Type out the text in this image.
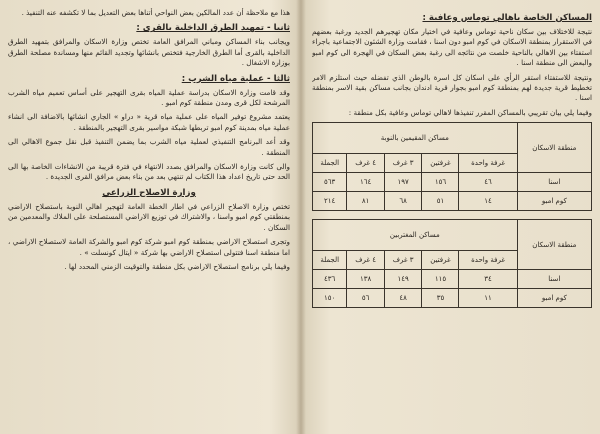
هذا مع ملاحظة أن عدد المالكين بعض النواحي أتناها بعض التعديل بما لا تكشفه عنه التنفيذ .

ثانيا - تمهيد الطرق الداخلية بالقرى :

ويجانب بناء المساكن ومباني المرافق العامة تختص وزارة الاسكان والمرافق بتمهيد الطرق الداخلية بالقرى أما الطرق الخارجية فتختص بانشائها وتجديد القائم منها ومساندة مصلحة الطرق بوزارة الاشغال .

ثالثا - عملية مياه الشرب :

وقد قامت وزارة الاسكان بدراسة عملية المياه بقرى التهجير على أساس تعميم مياه الشرب المرشحة لكل قرى ومدن منطقة كوم امبو .

يعتمد مشروع توفير المياه على عملية مياه قرية « دراو » الجاري انشائها بالاضافة الى انشاء عملية مياه بمدينة كوم امبو تربطها شبكة مواسير بقرى التهجير بالمنطقة .

وقد أعد البرنامج التنفيذي لعملية مياه الشرب بما يضمن التنفيذ قبل نقل جموع الاهالي الى المنطقة .

والى كانت وزارة الاسكان والمرافق بصدد الانتهاء في فترة قريبة من الانشاءات الخاصة بها الى الحد حتى تاريخ اعداد هذا الكتاب لم تنتهي بعد من بناء بعض مرافق القرى الجديدة .

وزارة الاصلاح الزراعي

تختص وزارة الاصلاح الزراعي في اطار الخطة العامة لتهجير اهالي النوبة باستصلاح الاراضي بمنطقتي كوم امبو واسنا ، والاشتراك في توزيع الاراضي المستصلحة على الملاك والمعدمين من السكان .

وتجرى استصلاح الاراضي بمنطقة كوم امبو شركة كوم امبو والشركة العامة لاستصلاح الاراضي ، اما منطقة اسنا فتتولى استصلاح الاراضي بها شركة « ايتال كونسلت » .

وفيما يلي برنامج استصلاح الاراضي بكل منطقة والتوقيت الزمني المحدد لها .

المساكن الخاصة باهالي توماس وعافية :

نتيجة للاختلاف بين سكان ناحية توماس وعافية في اختيار مكان تهجيرهم الجديد ورغبة بعضهم في الاستقرار بمنطقة الاسكان في كوم امبو دون اسنا ، فقامت وزارة الشئون الاجتماعية باجراء استفتاء بين الاهالي بالناحية خلصت من نتائجه الى رغبة بعض السكان في الهجرة الى كوم امبو والبعض الى منطقة اسنا .

ونتيجة للاستفتاء استقر الرأي على اسكان كل اسرة بالوطن الذي تفضله حيث استلزم الامر تخطيط قرية جديدة لهم بمنطقة كوم امبو بجوار قرية ادندان بجانب مساكن بقية الاسر بمنطقة اسنا .

وفيما يلي بيان تقريبي بالمساكن المقرر تنفيذها لاهالي توماس وعافية بكل منطقة :

منطقة الاسكان	مساكن المقيمين بالنوبة				
	غرفة واحدة	غرفتين	٣ غرف	٤ غرف	الجملة
اسنا	٤٦	١٥٦	١٩٧	١٦٤	٥٦٣
كوم امبو	١٤	٥١	٦٨	٨١	٢١٤
منطقة الاسكان	مساكن المغتربين				
	غرفة واحدة	غرفتين	٣ غرف	٤ غرف	الجملة
اسنا	٣٤	١١٥	١٤٩	١٣٨	٤٣٦
كوم امبو	١١	٣٥	٤٨	٥٦	١٥٠
